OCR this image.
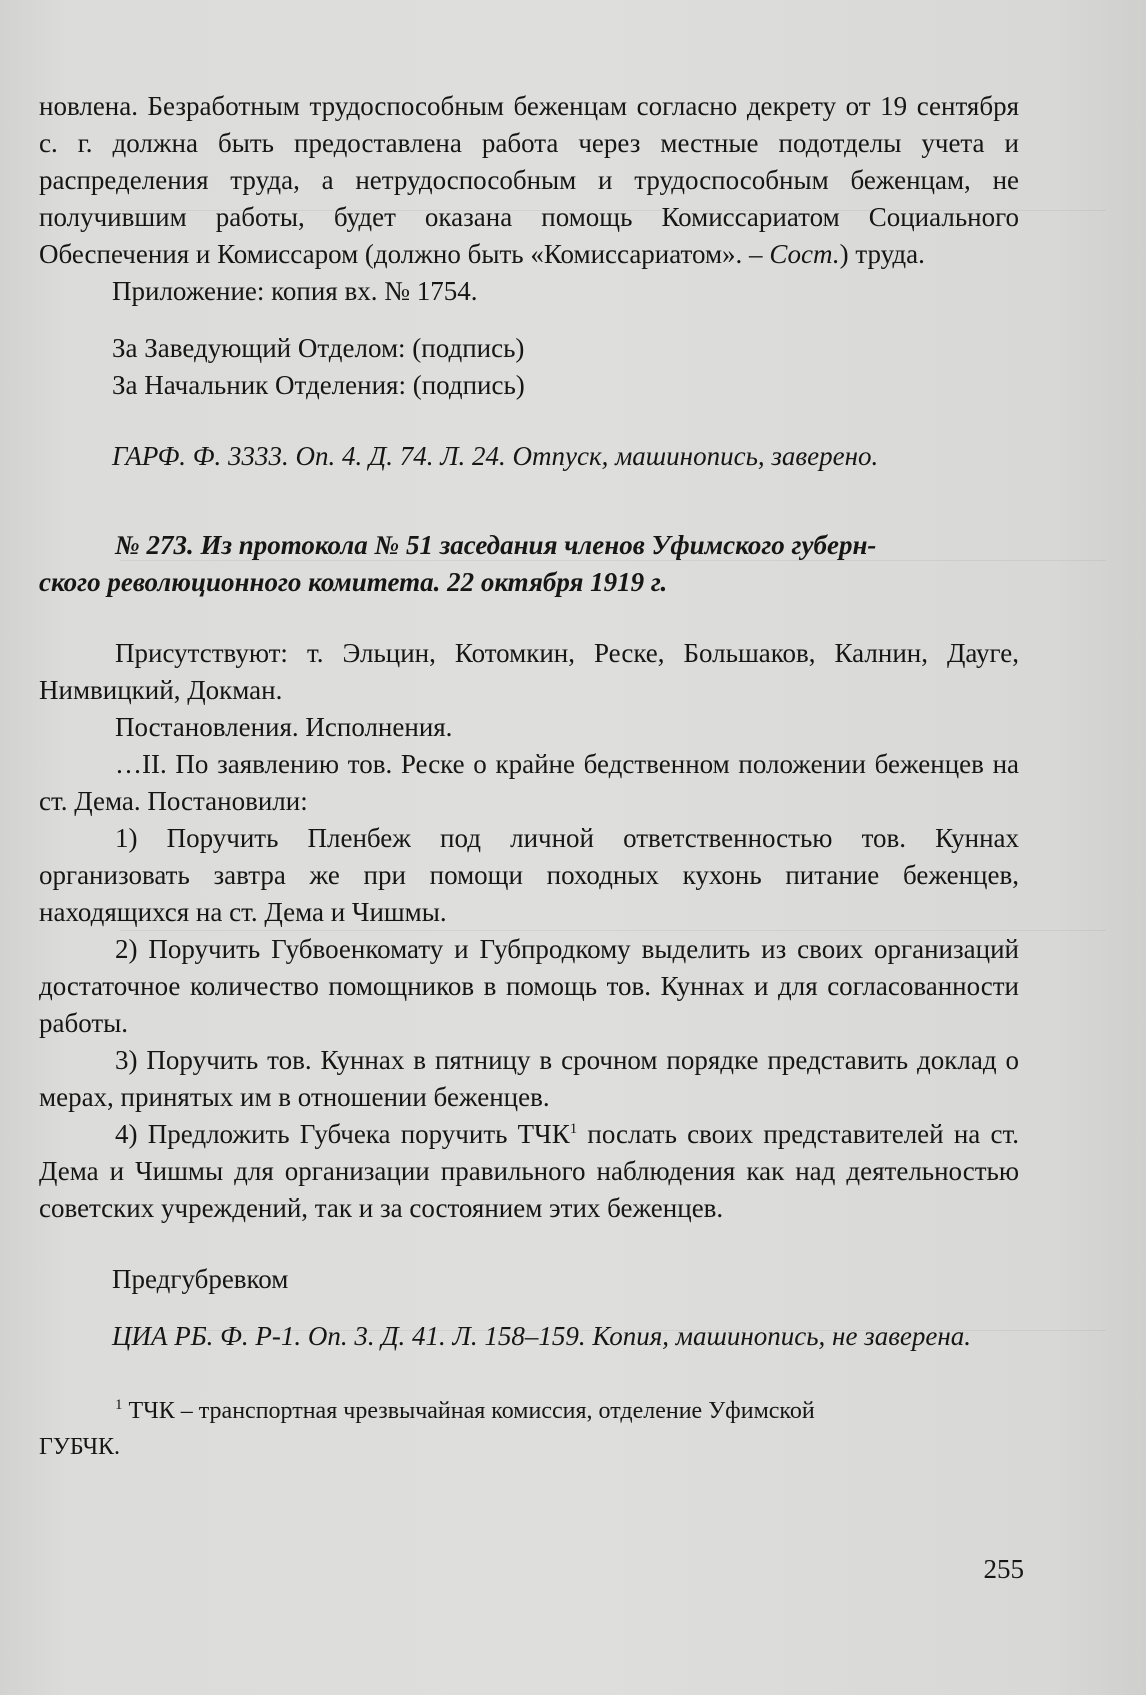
новлена. Безработным трудоспособным беженцам согласно декрету от 19 сентября с. г. должна быть предоставлена работа через местные подотделы учета и распределения труда, а нетрудоспособным и трудоспособным беженцам, не получившим работы, будет оказана помощь Комиссариатом Социального Обеспечения и Комиссаром (должно быть «Комиссариатом». – Сост.) труда.

Приложение: копия вх. № 1754.

За Заведующий Отделом: (подпись)

За Начальник Отделения: (подпись)

ГАРФ. Ф. 3333. Оп. 4. Д. 74. Л. 24. Отпуск, машинопись, заверено.

№ 273. Из протокола № 51 заседания членов Уфимского губерн-

ского революционного комитета. 22 октября 1919 г.

Присутствуют: т. Эльцин, Котомкин, Реске, Большаков, Калнин, Дауге, Нимвицкий, Докман.

Постановления. Исполнения.

…II. По заявлению тов. Реске о крайне бедственном положении беженцев на ст. Дема. Постановили:

1) Поручить Пленбеж под личной ответственностью тов. Куннах организовать завтра же при помощи походных кухонь питание беженцев, находящихся на ст. Дема и Чишмы.

2) Поручить Губвоенкомату и Губпродкому выделить из своих организаций достаточное количество помощников в помощь тов. Куннах и для согласованности работы.

3) Поручить тов. Куннах в пятницу в срочном порядке представить доклад о мерах, принятых им в отношении беженцев.

4) Предложить Губчека поручить ТЧК$^1$ послать своих представителей на ст. Дема и Чишмы для организации правильного наблюдения как над деятельностью советских учреждений, так и за состоянием этих беженцев.

Предгубревком

ЦИА РБ. Ф. Р-1. Оп. 3. Д. 41. Л. 158–159. Копия, машинопись, не заверена.

$^1$ ТЧК – транспортная чрезвычайная комиссия, отделение Уфимской

ГУБЧК.

255
